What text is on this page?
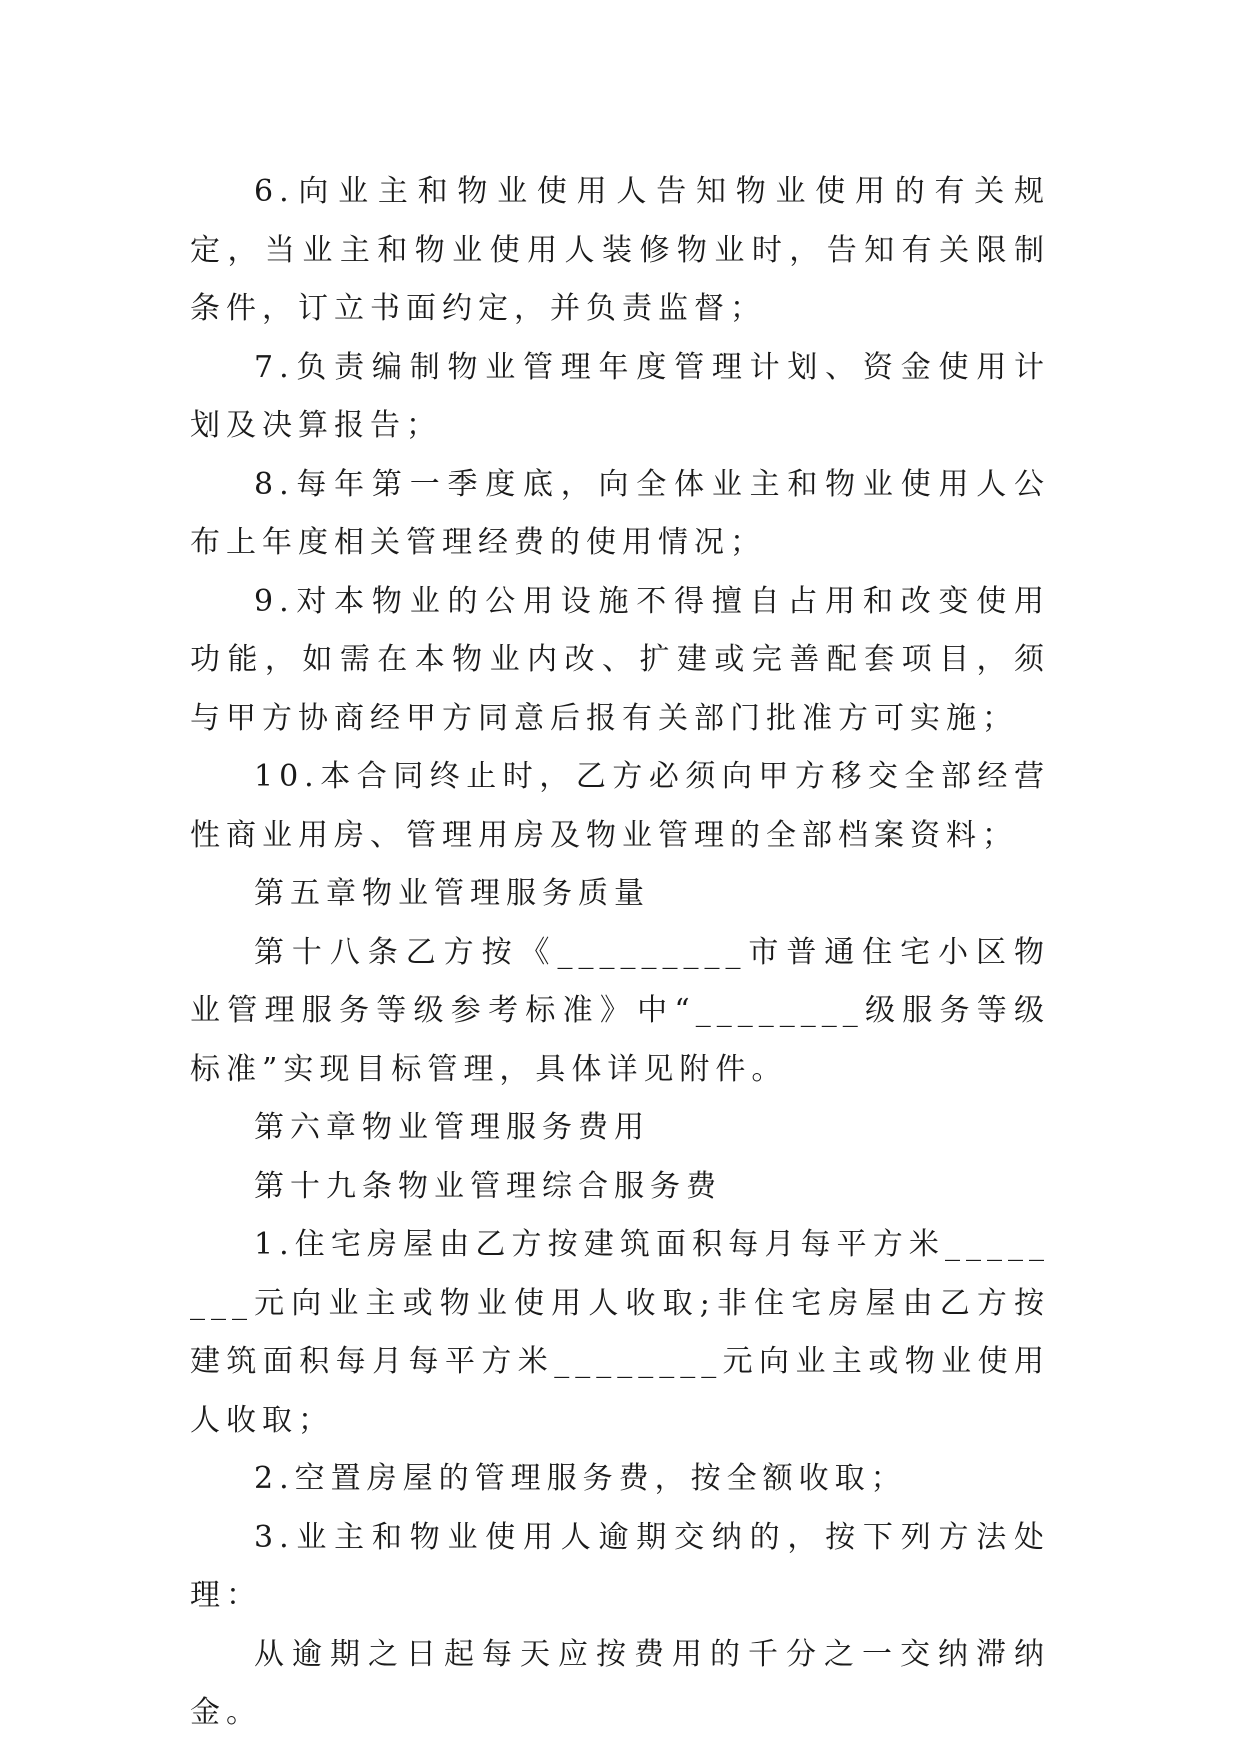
6.向业主和物业使用人告知物业使用的有关规定，当业主和物业使用人装修物业时，告知有关限制条件，订立书面约定，并负责监督；

7.负责编制物业管理年度管理计划、资金使用计划及决算报告；

8.每年第一季度底，向全体业主和物业使用人公布上年度相关管理经费的使用情况；

9.对本物业的公用设施不得擅自占用和改变使用功能，如需在本物业内改、扩建或完善配套项目，须与甲方协商经甲方同意后报有关部门批准方可实施；

10.本合同终止时，乙方必须向甲方移交全部经营性商业用房、管理用房及物业管理的全部档案资料；

第五章物业管理服务质量

第十八条乙方按《_________市普通住宅小区物业管理服务等级参考标准》中“________级服务等级标准”实现目标管理，具体详见附件。

第六章物业管理服务费用

第十九条物业管理综合服务费

1.住宅房屋由乙方按建筑面积每月每平方米________元向业主或物业使用人收取;非住宅房屋由乙方按建筑面积每月每平方米________元向业主或物业使用人收取；

2.空置房屋的管理服务费，按全额收取；

3.业主和物业使用人逾期交纳的，按下列方法处理：

从逾期之日起每天应按费用的千分之一交纳滞纳金。
